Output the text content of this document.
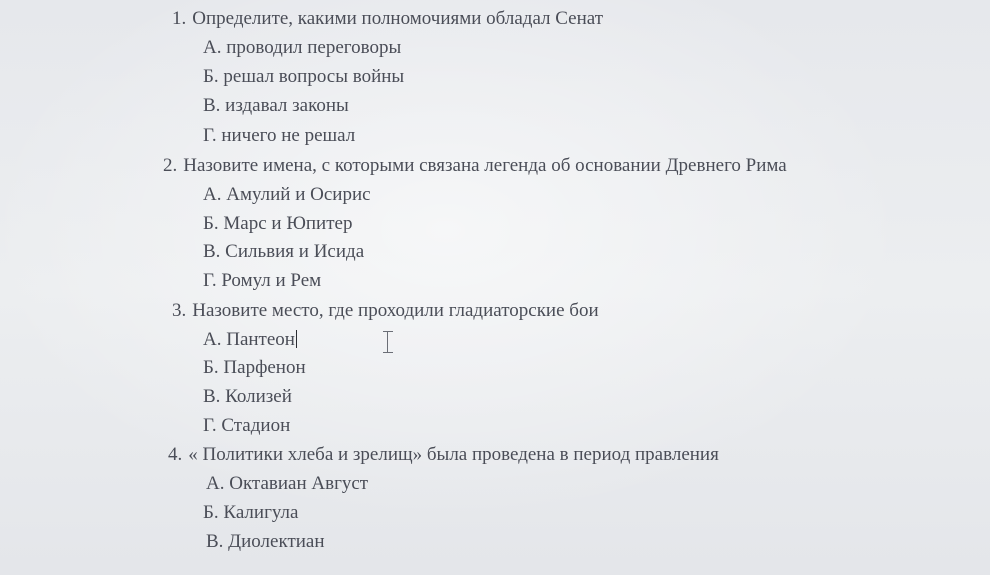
1. Определите, какими полномочиями обладал Сенат
А. проводил переговоры
Б. решал вопросы войны
В. издавал законы
Г. ничего не решал
2. Назовите имена, с которыми связана легенда об основании Древнего Рима
А. Амулий и Осирис
Б. Марс и Юпитер
В. Сильвия и Исида
Г. Ромул и Рем
3. Назовите место, где проходили гладиаторские бои
А. Пантеон
Б. Парфенон
В. Колизей
Г. Стадион
4. « Политики хлеба и зрелищ» была проведена в период правления
А. Октавиан Август
Б. Калигула
В. Диолектиан
